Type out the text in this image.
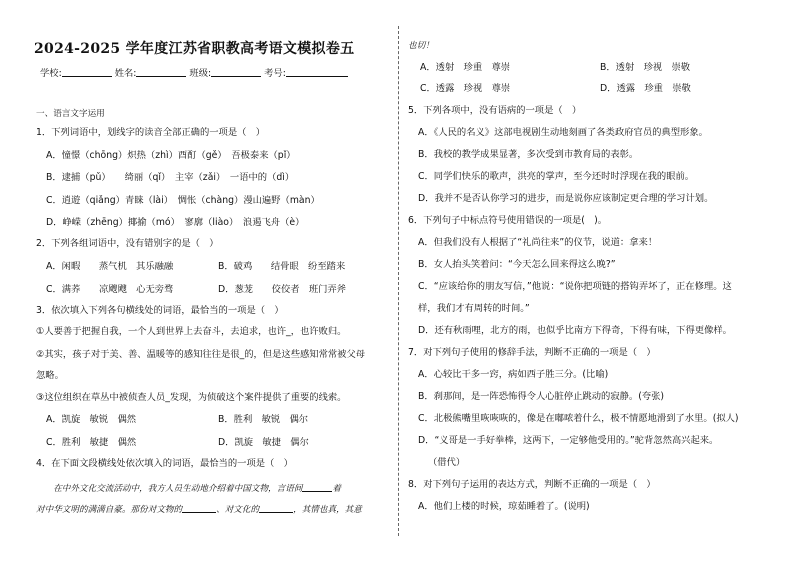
2024-2025 学年度江苏省职教高考语文模拟卷五
学校:	姓名:	班级:	考号:
一、语言文字运用
1．下列词语中，划线字的读音全部正确的一项是（　）
A．憧憬（chōng）炽热（zhì）酉酊（gě）　吾极泰来（pǐ）
B．逮捕（pǔ）　　绮丽（qǐ）　主宰（zǎi）　一语中的（dì）
C．逍遊（qiǎng）青睐（lài）　惆怅（chàng）漫山遍野（màn）
D．峥嵘（zhēng）揶揄（mó）　寥廓（liào）　浪遏飞舟（è）
2．下列各组词语中，没有错别字的是（　）
A．闲暇　　蒸气机　其乐融融	B．破鸡　　结骨眼　纷至踏来
C．满荞　　凉飕飕　心无旁骛	D．葱茏　　佼佼者　班门弄斧
3．依次填入下列各句横线处的词语，最恰当的一项是（　）
①人要善于把握自我，一个人到世界上去奋斗，去追求，也许_，也许败归。
②其实，孩子对于美、善、温暖等的感知往往是很_的，但是这些感知常常被父母
忽略。
③这位组织在草丛中被侦查人员_发现，为侦破这个案件提供了重要的线索。
A．凯旋　敏锐　偶然	B．胜利　敏锐　偶尔
C．胜利　敏捷　偶然	D．凯旋　敏捷　偶尔
4．在下面文段横线处依次填入的词语，最恰当的一项是（　）
　　在中外文化交流活动中，我方人员生动地介绍着中国文物，言语间	着
对中华文明的满满自豪。那份对文物的	、对文化的	，其情也真，其意
也切！
A．透射　珍重　尊崇	B．透射　珍视　崇敬
C．透露　珍视　尊崇	D．透露　珍重　崇敬
5．下列各项中，没有语病的一项是（　）
A．《人民的名义》这部电视剧生动地刻画了各类政府官员的典型形象。
B．我校的教学成果显著，多次受到市教育局的表彰。
C．同学们快乐的歌声，洪亮的掌声，至今还时时浮现在我的眼前。
D．我并不是否认你学习的进步，而是说你应该制定更合理的学习计划。
6．下列句子中标点符号使用错误的一项是(　)。
A．但我们没有人根据了“礼尚往来”的仪节，说道：拿来！
B．女人抬头笑着问：“今天怎么回来得这么晚?”
C．“应该给你的朋友写信，”他说：“说你把项链的搭钩弄坏了，正在修理。这
样，我们才有周转的时间。”
D．还有秋雨哩，北方的雨，也似乎比南方下得奇，下得有味，下得更像样。
7．对下列句子使用的修辞手法，判断不正确的一项是（　）
A．心较比干多一窍，病如西子胜三分。(比喻)
B．刹那间，是一阵恐怖得令人心脏停止跳动的寂静。(夸张)
C．北极熊嘴里咴咴咴的，像是在嘟哝着什么，极不情愿地滑到了水里。(拟人)
D．“义哥是一手好拳棒，这两下，一定够他受用的。”驼背忽然高兴起来。
（借代）
8．对下列句子运用的表达方式，判断不正确的一项是（　）
A．他们上楼的时候，琼茹睡着了。(说明)
